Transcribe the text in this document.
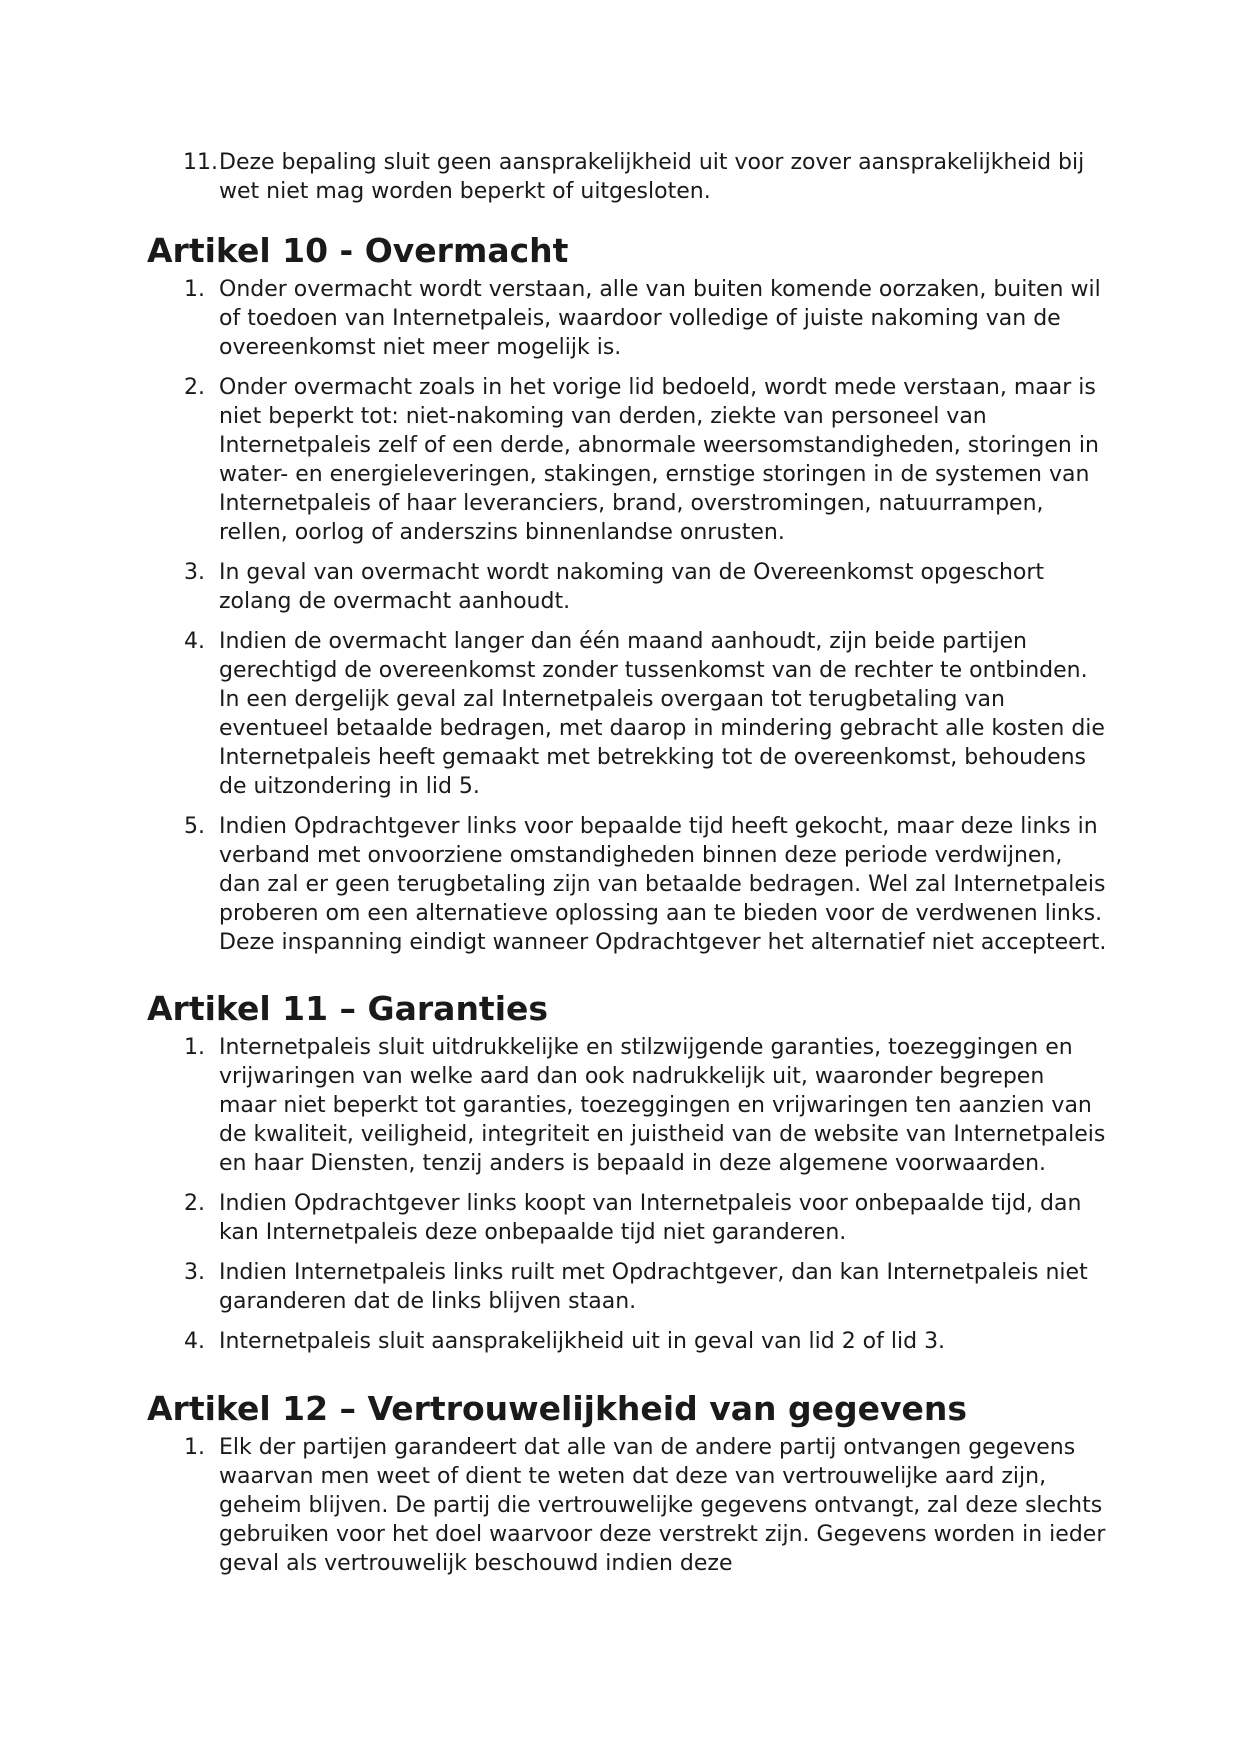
11. Deze bepaling sluit geen aansprakelijkheid uit voor zover aansprakelijkheid bij wet niet mag worden beperkt of uitgesloten.
Artikel 10 - Overmacht
1. Onder overmacht wordt verstaan, alle van buiten komende oorzaken, buiten wil of toedoen van Internetpaleis, waardoor volledige of juiste nakoming van de overeenkomst niet meer mogelijk is.
2. Onder overmacht zoals in het vorige lid bedoeld, wordt mede verstaan, maar is niet beperkt tot: niet-nakoming van derden, ziekte van personeel van Internetpaleis zelf of een derde, abnormale weersomstandigheden, storingen in water- en energieleveringen, stakingen, ernstige storingen in de systemen van Internetpaleis of haar leveranciers, brand, overstromingen, natuurrampen, rellen, oorlog of anderszins binnenlandse onrusten.
3. In geval van overmacht wordt nakoming van de Overeenkomst opgeschort zolang de overmacht aanhoudt.
4. Indien de overmacht langer dan één maand aanhoudt, zijn beide partijen gerechtigd de overeenkomst zonder tussenkomst van de rechter te ontbinden. In een dergelijk geval zal Internetpaleis overgaan tot terugbetaling van eventueel betaalde bedragen, met daarop in mindering gebracht alle kosten die Internetpaleis heeft gemaakt met betrekking tot de overeenkomst, behoudens de uitzondering in lid 5.
5. Indien Opdrachtgever links voor bepaalde tijd heeft gekocht, maar deze links in verband met onvoorziene omstandigheden binnen deze periode verdwijnen, dan zal er geen terugbetaling zijn van betaalde bedragen. Wel zal Internetpaleis proberen om een alternatieve oplossing aan te bieden voor de verdwenen links. Deze inspanning eindigt wanneer Opdrachtgever het alternatief niet accepteert.
Artikel 11 – Garanties
1. Internetpaleis sluit uitdrukkelijke en stilzwijgende garanties, toezeggingen en vrijwaringen van welke aard dan ook nadrukkelijk uit, waaronder begrepen maar niet beperkt tot garanties, toezeggingen en vrijwaringen ten aanzien van de kwaliteit, veiligheid, integriteit en juistheid van de website van Internetpaleis en haar Diensten, tenzij anders is bepaald in deze algemene voorwaarden.
2. Indien Opdrachtgever links koopt van Internetpaleis voor onbepaalde tijd, dan kan Internetpaleis deze onbepaalde tijd niet garanderen.
3. Indien Internetpaleis links ruilt met Opdrachtgever, dan kan Internetpaleis niet garanderen dat de links blijven staan.
4. Internetpaleis sluit aansprakelijkheid uit in geval van lid 2 of lid 3.
Artikel 12 – Vertrouwelijkheid van gegevens
1. Elk der partijen garandeert dat alle van de andere partij ontvangen gegevens waarvan men weet of dient te weten dat deze van vertrouwelijke aard zijn, geheim blijven. De partij die vertrouwelijke gegevens ontvangt, zal deze slechts gebruiken voor het doel waarvoor deze verstrekt zijn. Gegevens worden in ieder geval als vertrouwelijk beschouwd indien deze
